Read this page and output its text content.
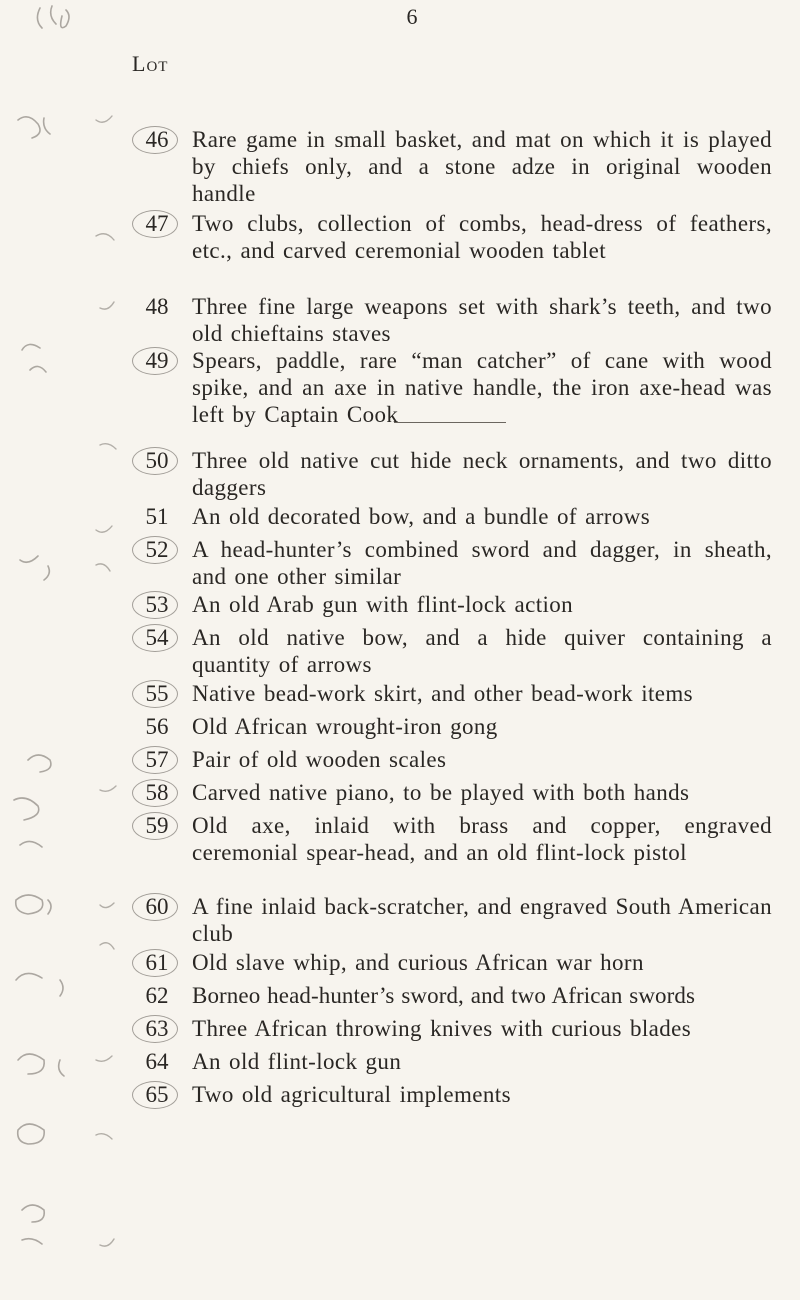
6
Lot
46	Rare game in small basket, and mat on which it is played by chiefs only, and a stone adze in original wooden handle
47	Two clubs, collection of combs, head-dress of feathers, etc., and carved ceremonial wooden tablet
48	Three fine large weapons set with shark’s teeth, and two old chieftains staves
49	Spears, paddle, rare “man catcher” of cane with wood spike, and an axe in native handle, the iron axe-head was left by Captain Cook
50	Three old native cut hide neck ornaments, and two ditto daggers
51	An old decorated bow, and a bundle of arrows
52	A head-hunter’s combined sword and dagger, in sheath, and one other similar
53	An old Arab gun with flint-lock action
54	An old native bow, and a hide quiver containing a quantity of arrows
55	Native bead-work skirt, and other bead-work items
56	Old African wrought-iron gong
57	Pair of old wooden scales
58	Carved native piano, to be played with both hands
59	Old axe, inlaid with brass and copper, engraved ceremonial spear-head, and an old flint-lock pistol
60	A fine inlaid back-scratcher, and engraved South American club
61	Old slave whip, and curious African war horn
62	Borneo head-hunter’s sword, and two African swords
63	Three African throwing knives with curious blades
64	An old flint-lock gun
65	Two old agricultural implements
